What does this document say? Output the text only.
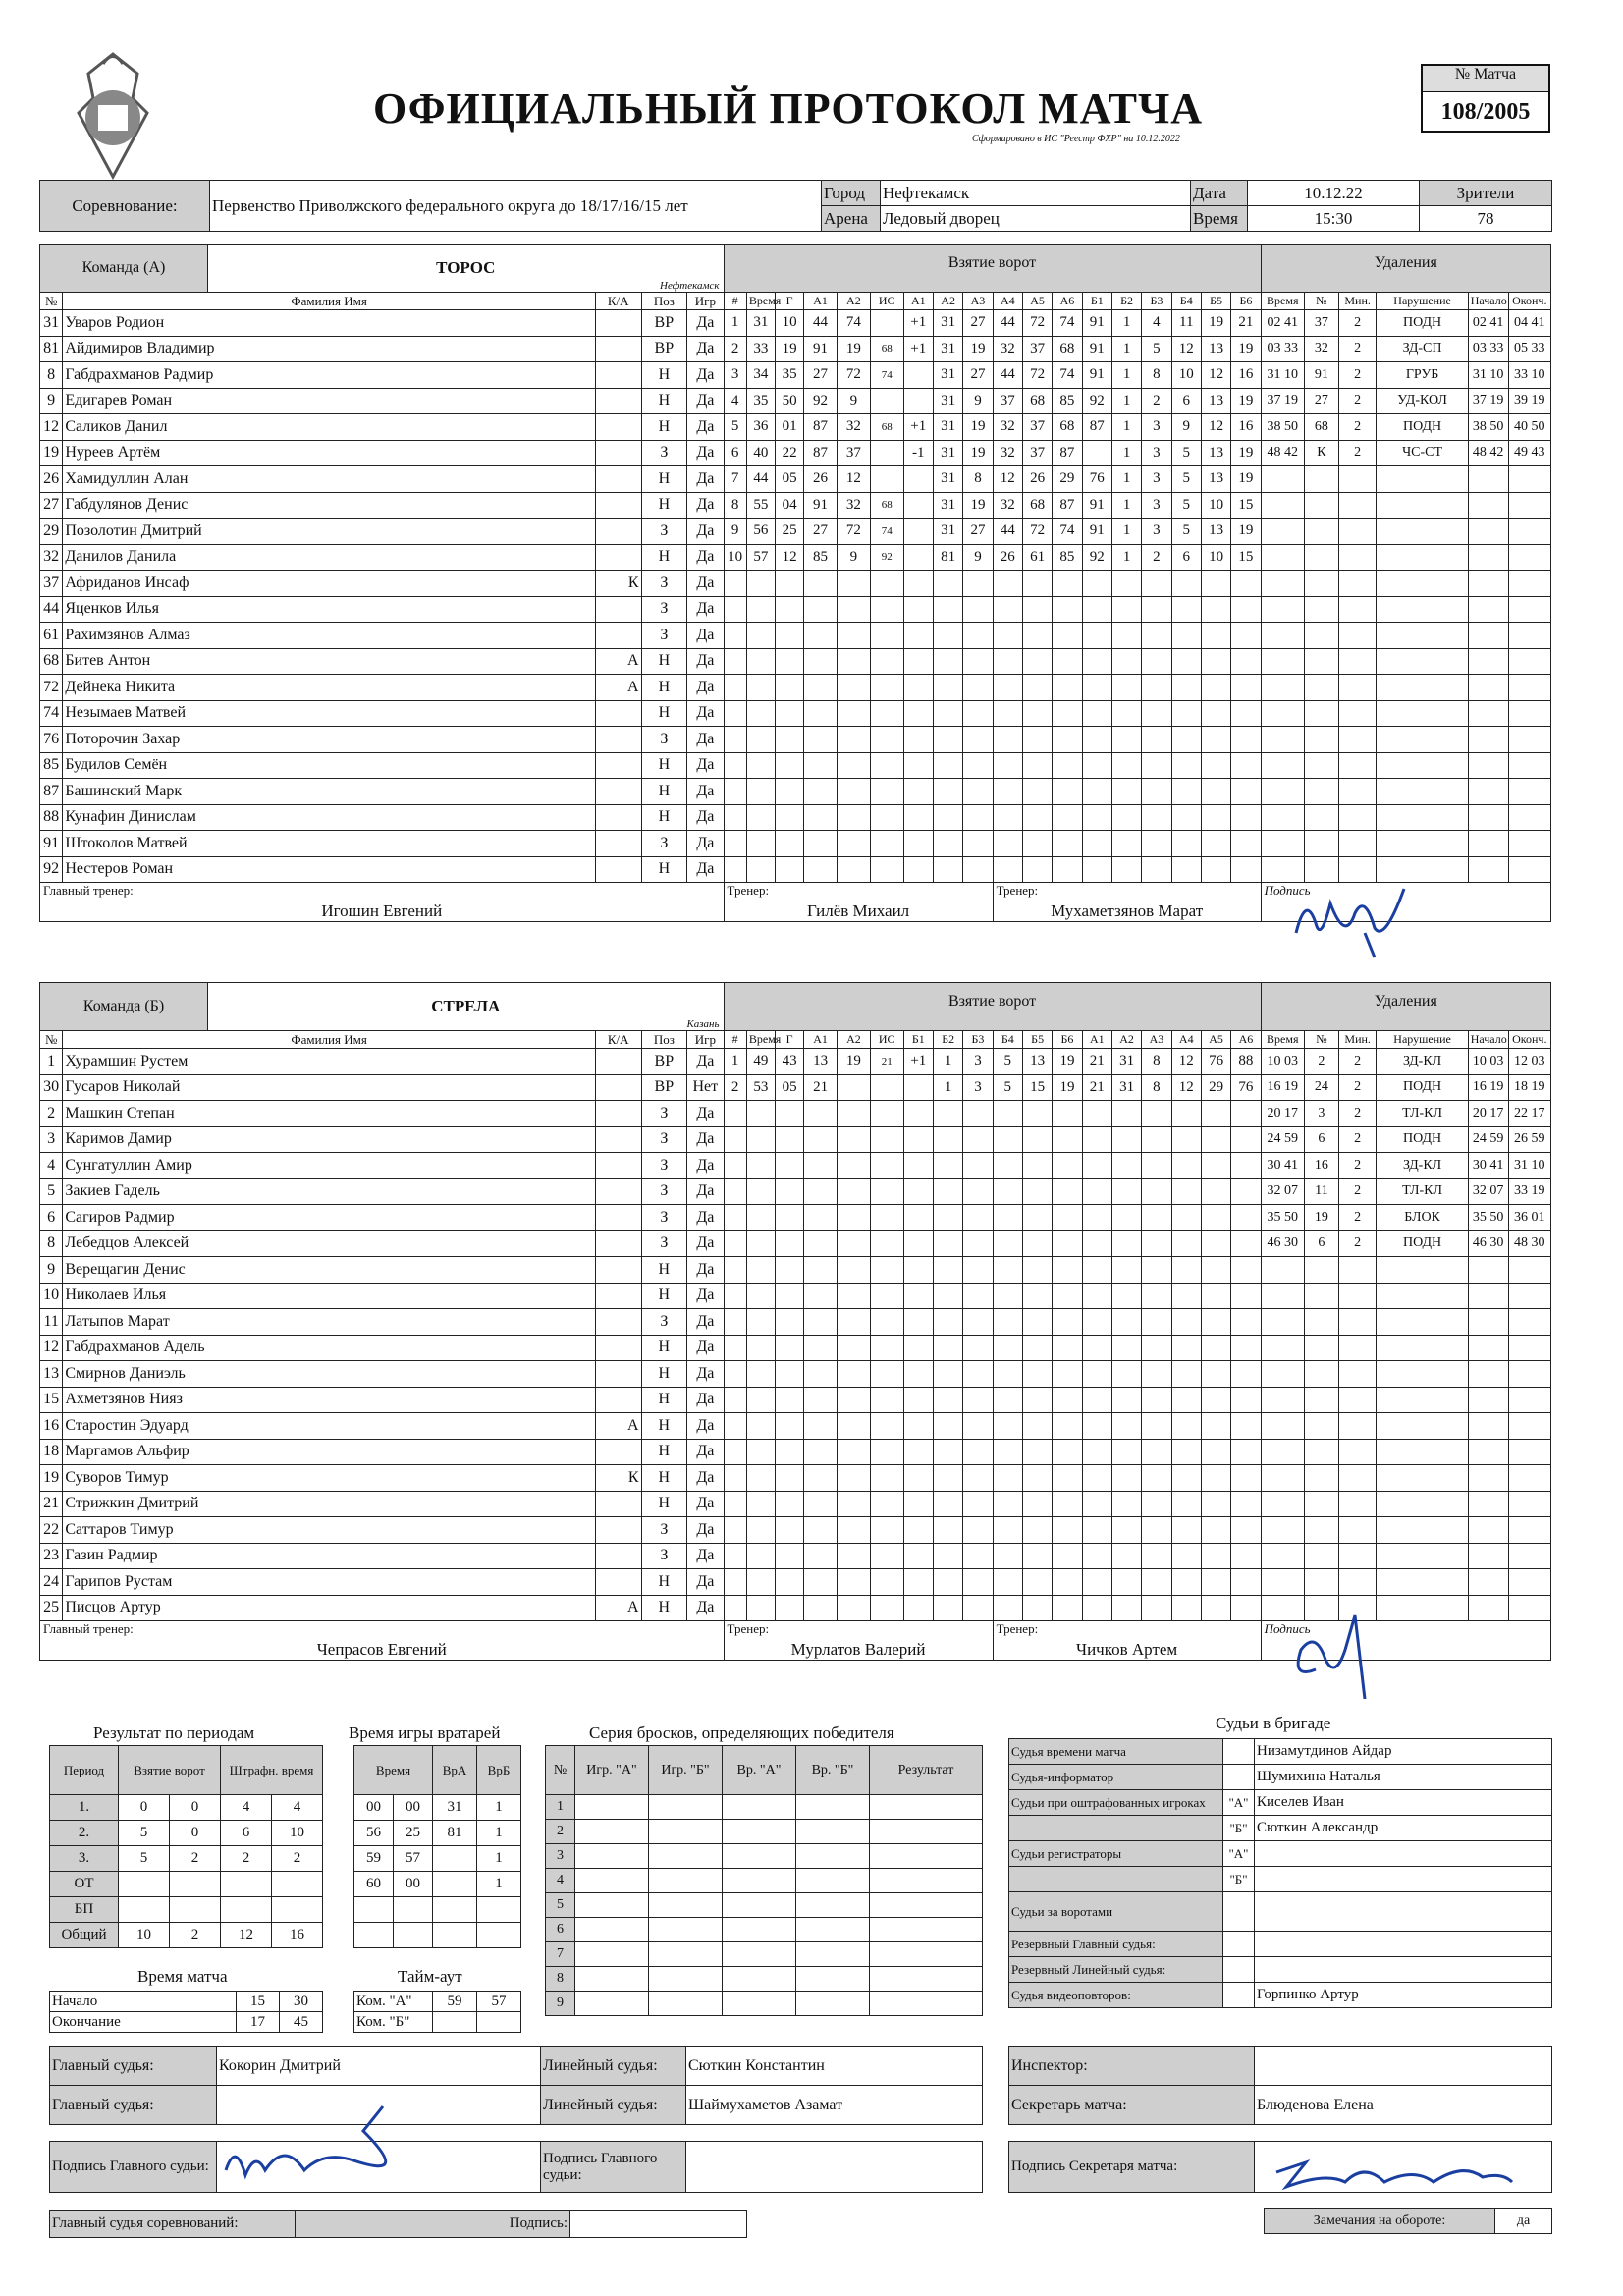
ОФИЦИАЛЬНЫЙ ПРОТОКОЛ МАТЧА
Сформировано в ИС "Реестр ФХР" на 10.12.2022
№ Матча
108/2005
Соревнование:	Первенство Приволжского федерального округа до 18/17/16/15 лет	Город	Нефтекамск	Дата	10.12.22	Зрители
		Арена	Ледовый дворец	Время	15:30	78
Команда (А) ТОРОС
Нефтекамск					Взятие ворот																		Удаления					
№	Фамилия Имя	К/А	Поз	Игр	#	Время	Г	А1	А2	ИС	А1	А2	А3	А4	А5	А6	Б1	Б2	Б3	Б4	Б5	Б6	Время	№	Мин.	Нарушение	Начало	Оконч.
31	Уваров Родион		ВР	Да	1	31	10	44	74		+1	31	27	44	72	74	91	1	4	11	19	21	02 41	37	2	ПОДН	02 41	04 41
81	Айдимиров Владимир		ВР	Да	2	33	19	91	19	68	+1	31	19	32	37	68	91	1	5	12	13	19	03 33	32	2	ЗД-СП	03 33	05 33
8	Габдрахманов Радмир		Н	Да	3	34	35	27	72	74		31	27	44	72	74	91	1	8	10	12	16	31 10	91	2	ГРУБ	31 10	33 10
9	Едигарев Роман		Н	Да	4	35	50	92	9			31	9	37	68	85	92	1	2	6	13	19	37 19	27	2	УД-КОЛ	37 19	39 19
12	Саликов Данил		Н	Да	5	36	01	87	32	68	+1	31	19	32	37	68	87	1	3	9	12	16	38 50	68	2	ПОДН	38 50	40 50
19	Нуреев Артём		З	Да	6	40	22	87	37		-1	31	19	32	37	87		1	3	5	13	19	48 42	К	2	ЧС-СТ	48 42	49 43
26	Хамидуллин Алан		Н	Да	7	44	05	26	12			31	8	12	26	29	76	1	3	5	13	19						
27	Габдулянов Денис		Н	Да	8	55	04	91	32	68		31	19	32	68	87	91	1	3	5	10	15						
29	Позолотин Дмитрий		З	Да	9	56	25	27	72	74		31	27	44	72	74	91	1	3	5	13	19						
32	Данилов Данила		Н	Да	10	57	12	85	9	92		81	9	26	61	85	92	1	2	6	10	15						
37	Африданов Инсаф	К	З	Да																								
44	Яценков Илья		З	Да																								
61	Рахимзянов Алмаз		З	Да																								
68	Битев Антон	А	Н	Да																								
72	Дейнека Никита	А	Н	Да																								
74	Незымаев Матвей		Н	Да																								
76	Поторочин Захар		З	Да																								
85	Будилов Семён		Н	Да																								
87	Башинский Марк		Н	Да																								
88	Кунафин Динислам		Н	Да																								
91	Штоколов Матвей		З	Да																								
92	Нестеров Роман		Н	Да																								

Главный тренер:
Игошин Евгений					Тренер:
Гилёв Михаил									Тренер:
Мухаметзянов Марат									Подпись					
Команда (Б) СТРЕЛА
Казань					Взятие ворот																		Удаления					
№	Фамилия Имя	К/А	Поз	Игр	#	Время	Г	А1	А2	ИС	Б1	Б2	Б3	Б4	Б5	Б6	А1	А2	А3	А4	А5	А6	Время	№	Мин.	Нарушение	Начало	Оконч.
1	Хурамшин Рустем		ВР	Да	1	49	43	13	19	21	+1	1	3	5	13	19	21	31	8	12	76	88	10 03	2	2	ЗД-КЛ	10 03	12 03
30	Гусаров Николай		ВР	Нет	2	53	05	21				1	3	5	15	19	21	31	8	12	29	76	16 19	24	2	ПОДН	16 19	18 19
2	Машкин Степан		З	Да																			20 17	3	2	ТЛ-КЛ	20 17	22 17
3	Каримов Дамир		З	Да																			24 59	6	2	ПОДН	24 59	26 59
4	Сунгатуллин Амир		З	Да																			30 41	16	2	ЗД-КЛ	30 41	31 10
5	Закиев Гадель		З	Да																			32 07	11	2	ТЛ-КЛ	32 07	33 19
6	Сагиров Радмир		З	Да																			35 50	19	2	БЛОК	35 50	36 01
8	Лебедцов Алексей		З	Да																			46 30	6	2	ПОДН	46 30	48 30
9	Верещагин Денис		Н	Да																								
10	Николаев Илья		Н	Да																								
11	Латыпов Марат		З	Да																								
12	Габдрахманов Адель		Н	Да																								
13	Смирнов Даниэль		Н	Да																								
15	Ахметзянов Нияз		Н	Да																								
16	Старостин Эдуард	А	Н	Да																								
18	Маргамов Альфир		Н	Да																								
19	Суворов Тимур	К	Н	Да																								
21	Стрижкин Дмитрий		Н	Да																								
22	Саттаров Тимур		З	Да																								
23	Газин Радмир		З	Да																								
24	Гарипов Рустам		Н	Да																								
25	Писцов Артур	А	Н	Да																								

Главный тренер:
Чепрасов Евгений					Тренер:
Мурлатов Валерий									Тренер:
Чичков Артем									Подпись					
Результат по периодам
Период	Взятие ворот		Штрафн. время	
1.	0	0	4	4
2.	5	0	6	10
3.	5	2	2	2
ОТ				
БП				
Общий	10	2	12	16
Время игры вратарей
Время		ВрА	ВрБ
00	00	31	1
56	25	81	1
59	57		1
60	00		1

Серия бросков, определяющих победителя
№	Игр. "А"	Игр. "Б"	Вр. "А"	Вр. "Б"	Результат
1					
2					
3					
4					
5					
6					
7					
8					
9					
Время матча
Начало	15	30
Окончание	17	45
Тайм-аут
Ком. "А"	59	57
Ком. "Б"		
Судьи в бригаде
Судья времени матча		Низамутдинов Айдар
Судья-информатор		Шумихина Наталья
Судьи при оштрафованных игроках	"А"	Киселев Иван
	"Б"	Сюткин Александр
Судьи регистраторы	"А"	
	"Б"	
Судьи за воротами		
Резервный Главный судья:		
Резервный Линейный судья:		
Судья видеоповторов:		Горпинко Артур
Главный судья:	Кокорин Дмитрий	Линейный судья:	Сюткин Константин
Главный судья:		Линейный судья:	Шаймухаметов Азамат
Инспектор:	
Секретарь матча:	Блюденова Елена
Подпись Главного судьи:		Подпись Главного судьи:	
Подпись Секретаря матча:	
Главный судья соревнований:	Подпись:		Замечания на обороте:	да
